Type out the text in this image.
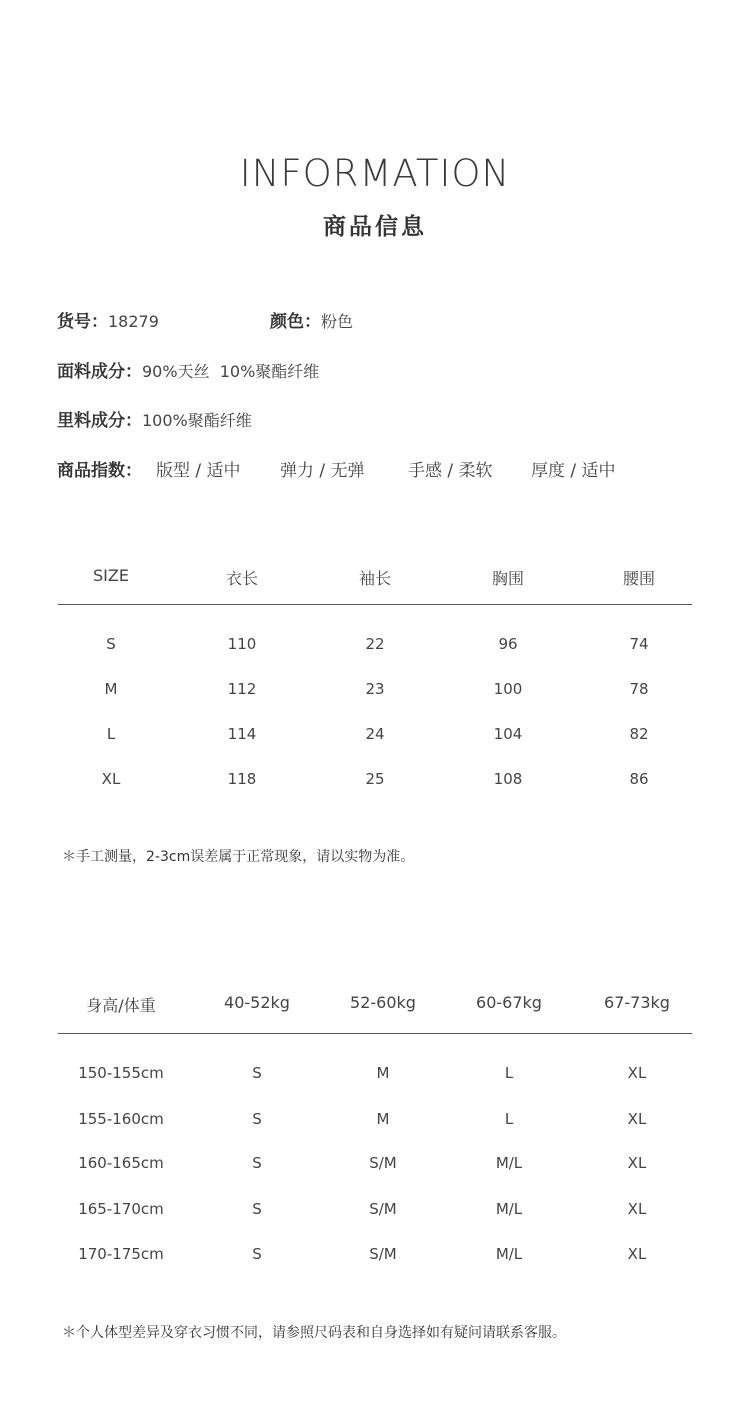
INFORMATION
商品信息
货号：18279	颜色：粉色
面料成分：90%天丝  10%聚酯纤维
里料成分：100%聚酯纤维
商品指数： 版型 / 适中 弹力 / 无弹	手感 / 柔软 厚度 / 适中
SIZE	衣长	袖长	胸围	腰围
S	110	22	96	74
M	112	23	100	78
L	114	24	104	82
XL	118	25	108	86
＊手工测量，2-3cm误差属于正常现象，请以实物为准。
身高/体重	40-52kg	52-60kg	60-67kg	67-73kg
150-155cm	S	M	L	XL
155-160cm	S	M	L	XL
160-165cm	S	S/M	M/L	XL
165-170cm	S	S/M	M/L	XL
170-175cm	S	S/M	M/L	XL
＊个人体型差异及穿衣习惯不同，请参照尺码表和自身选择如有疑问请联系客服。
